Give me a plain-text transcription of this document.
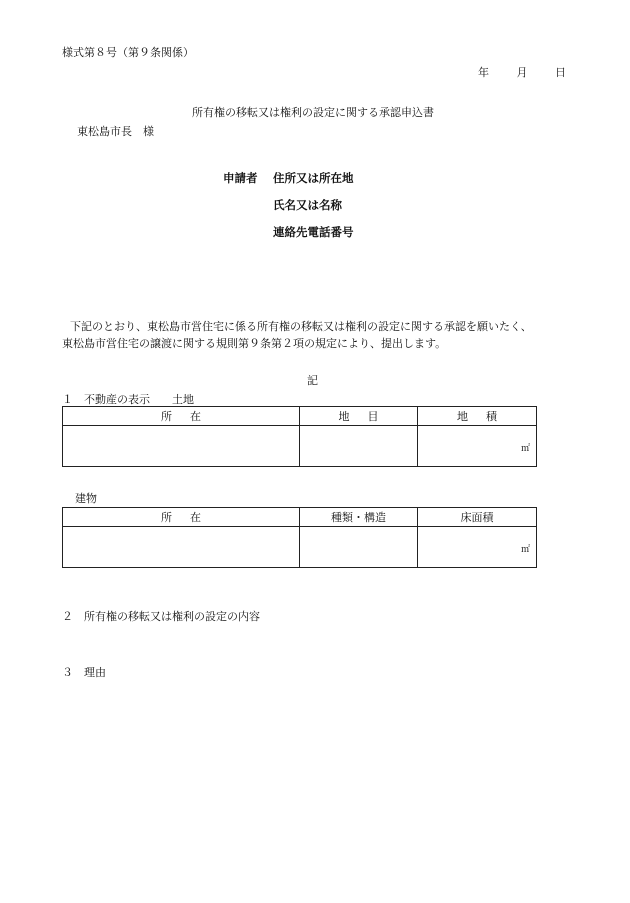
様式第８号（第９条関係）
年	月	日
所有権の移転又は権利の設定に関する承認申込書
東松島市長　様
申請者 住所又は所在地
氏名又は名称
連絡先電話番号
下記のとおり、東松島市営住宅に係る所有権の移転又は権利の設定に関する承認を願いたく、
東松島市営住宅の譲渡に関する規則第９条第２項の規定により、提出します。
記
１　不動産の表示　　土地
所在	地目	地積

		㎡
建物
所在	種類・構造	床面積

		㎡
２　所有権の移転又は権利の設定の内容
３　理由
